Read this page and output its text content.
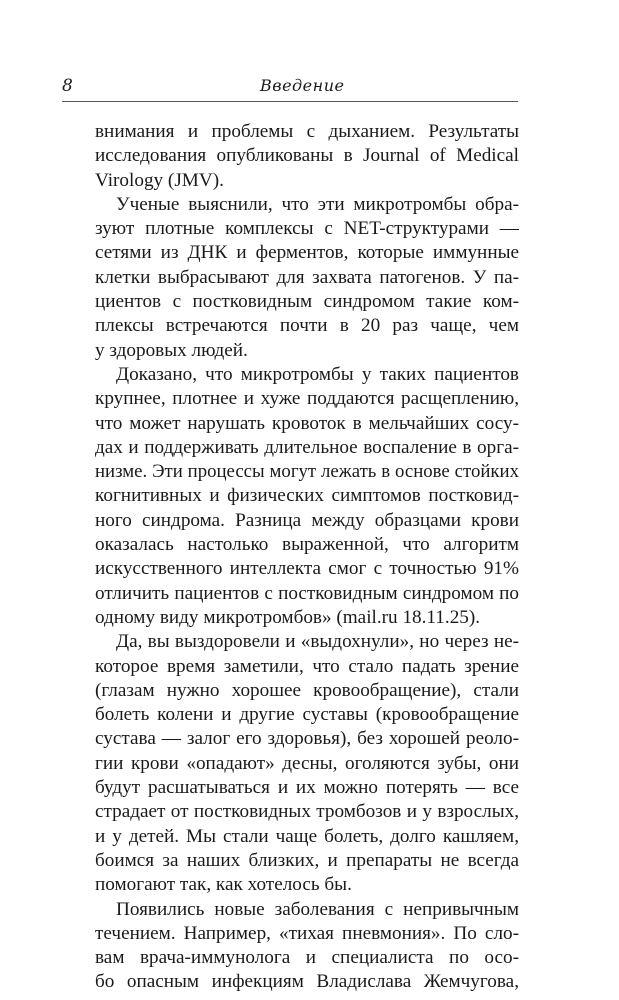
8	Введение
внимания и проблемы с дыханием. Результаты
исследования опубликованы в Journal of Medical
Virology (JMV).
Ученые выяснили, что эти микротромбы обра-
зуют плотные комплексы с NET-структурами —
сетями из ДНК и ферментов, которые иммунные
клетки выбрасывают для захвата патогенов. У па-
циентов с постковидным синдромом такие ком-
плексы встречаются почти в 20 раз чаще, чем
у здоровых людей.
Доказано, что микротромбы у таких пациентов
крупнее, плотнее и хуже поддаются расщеплению,
что может нарушать кровоток в мельчайших сосу-
дах и поддерживать длительное воспаление в орга-
низме. Эти процессы могут лежать в основе стойких
когнитивных и физических симптомов постковид-
ного синдрома. Разница между образцами крови
оказалась настолько выраженной, что алгоритм
искусственного интеллекта смог с точностью 91%
отличить пациентов с постковидным синдромом по
одному виду микротромбов» (mail.ru 18.11.25).
Да, вы выздоровели и «выдохнули», но через не-
которое время заметили, что стало падать зрение
(глазам нужно хорошее кровообращение), стали
болеть колени и другие суставы (кровообращение
сустава — залог его здоровья), без хорошей реоло-
гии крови «опадают» десны, оголяются зубы, они
будут расшатываться и их можно потерять — все
страдает от постковидных тромбозов и у взрослых,
и у детей. Мы стали чаще болеть, долго кашляем,
боимся за наших близких, и препараты не всегда
помогают так, как хотелось бы.
Появились новые заболевания с непривычным
течением. Например, «тихая пневмония». По сло-
вам врача-иммунолога и специалиста по осо-
бо опасным инфекциям Владислава Жемчугова,
